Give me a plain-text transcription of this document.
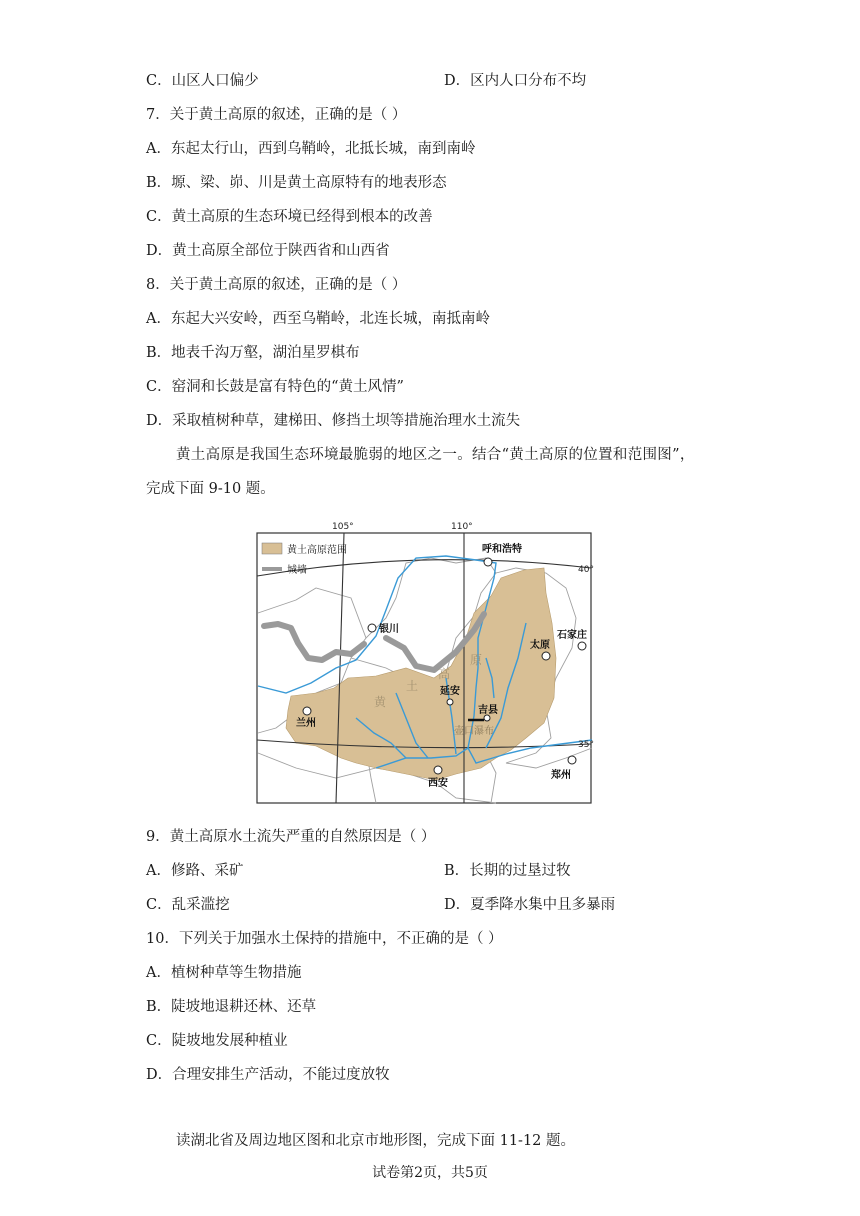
C．山区人口偏少	D．区内人口分布不均
7．关于黄土高原的叙述，正确的是（ ）
A．东起太行山，西到乌鞘岭，北抵长城，南到南岭
B．塬、梁、峁、川是黄土高原特有的地表形态
C．黄土高原的生态环境已经得到根本的改善
D．黄土高原全部位于陕西省和山西省
8．关于黄土高原的叙述，正确的是（ ）
A．东起大兴安岭，西至乌鞘岭，北连长城，南抵南岭
B．地表千沟万壑，湖泊星罗棋布
C．窑洞和长鼓是富有特色的“黄土风情”
D．采取植树种草，建梯田、修挡土坝等措施治理水土流失
黄土高原是我国生态环境最脆弱的地区之一。结合“黄土高原的位置和范围图”，
完成下面 9-10 题。
黄土高原范围
城墙
105°	110°
40°
35°
黄
土
高
原
呼和浩特
银川
太原
石家庄
延安
兰州
吉县
西安
郑州
壶口瀑布
9．黄土高原水土流失严重的自然原因是（ ）
A．修路、采矿	B．长期的过垦过牧
C．乱采滥挖	D．夏季降水集中且多暴雨
10．下列关于加强水土保持的措施中，不正确的是（ ）
A．植树种草等生物措施
B．陡坡地退耕还林、还草
C．陡坡地发展种植业
D．合理安排生产活动，不能过度放牧
读湖北省及周边地区图和北京市地形图，完成下面 11-12 题。
试卷第2页，共5页
